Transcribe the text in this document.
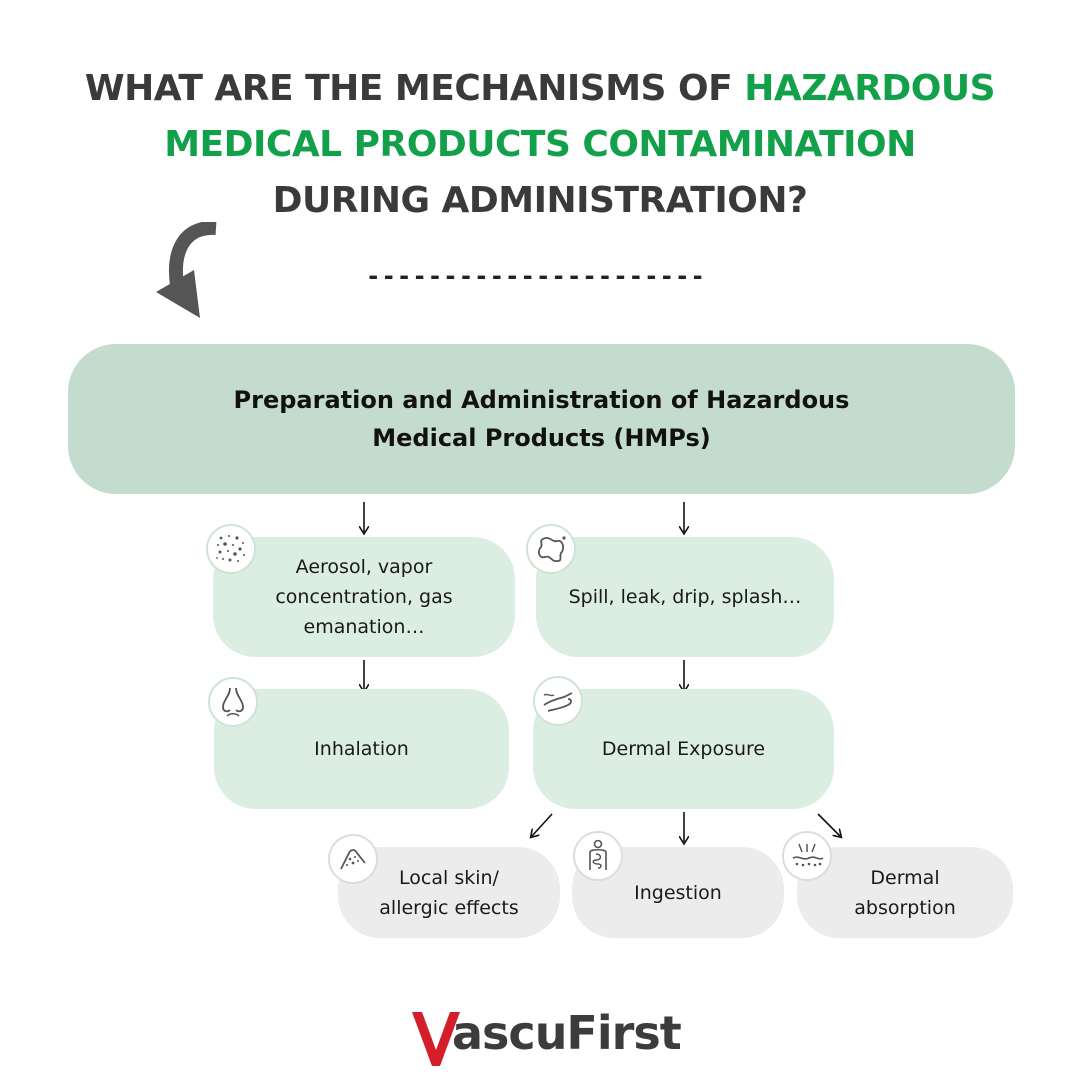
WHAT ARE THE MECHANISMS OF HAZARDOUS
MEDICAL PRODUCTS CONTAMINATION
DURING ADMINISTRATION?
----------------------
Preparation and Administration of Hazardous
Medical Products (HMPs)
Aerosol, vapor
concentration, gas
emanation…
Spill, leak, drip, splash…
Inhalation	Dermal Exposure
Local skin/
allergic effects
Ingestion
Dermal
absorption
ascuFirst
